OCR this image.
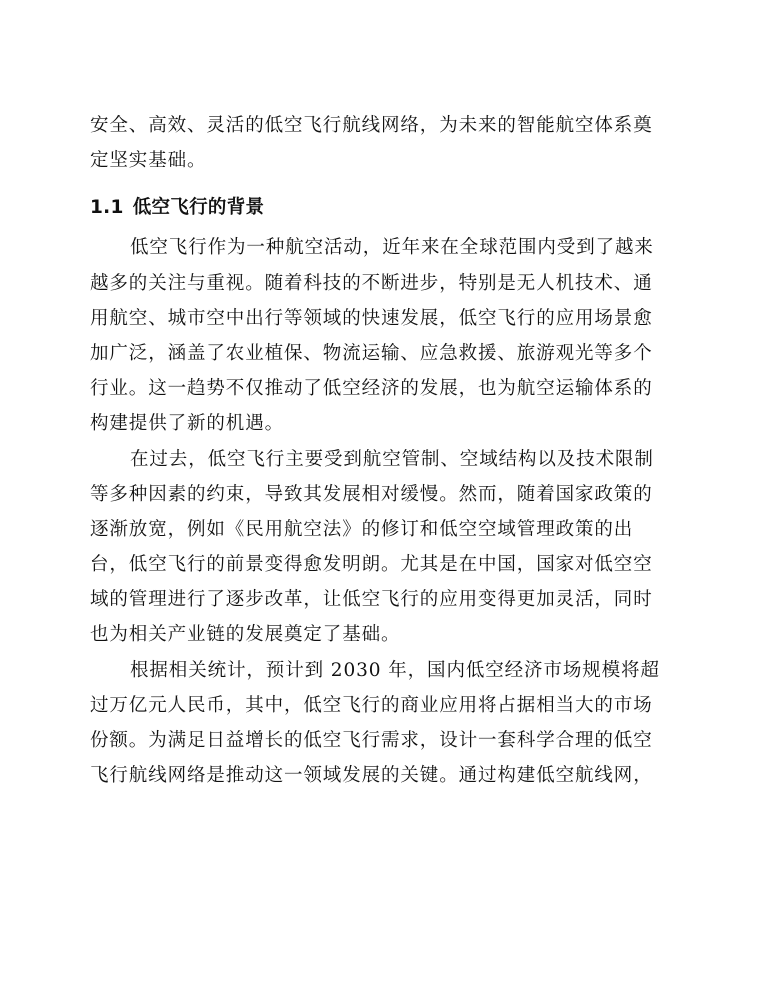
安全、高效、灵活的低空飞行航线网络，为未来的智能航空体系奠
定坚实基础。
1.1 低空飞行的背景
低空飞行作为一种航空活动，近年来在全球范围内受到了越来
越多的关注与重视。随着科技的不断进步，特别是无人机技术、通
用航空、城市空中出行等领域的快速发展，低空飞行的应用场景愈
加广泛，涵盖了农业植保、物流运输、应急救援、旅游观光等多个
行业。这一趋势不仅推动了低空经济的发展，也为航空运输体系的
构建提供了新的机遇。
在过去，低空飞行主要受到航空管制、空域结构以及技术限制
等多种因素的约束，导致其发展相对缓慢。然而，随着国家政策的
逐渐放宽，例如《民用航空法》的修订和低空空域管理政策的出
台，低空飞行的前景变得愈发明朗。尤其是在中国，国家对低空空
域的管理进行了逐步改革，让低空飞行的应用变得更加灵活，同时
也为相关产业链的发展奠定了基础。
根据相关统计，预计到 2030 年，国内低空经济市场规模将超
过万亿元人民币，其中，低空飞行的商业应用将占据相当大的市场
份额。为满足日益增长的低空飞行需求，设计一套科学合理的低空
飞行航线网络是推动这一领域发展的关键。通过构建低空航线网，
